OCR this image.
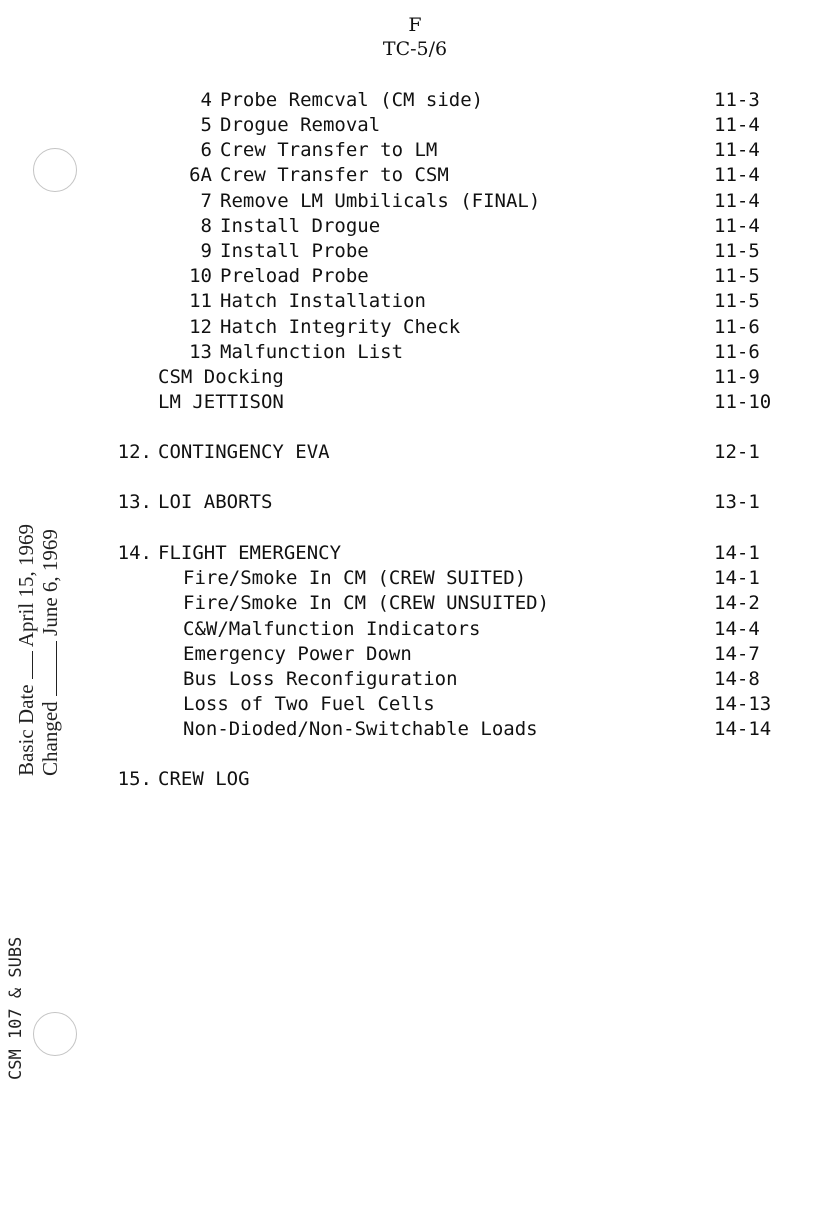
F
TC-5/6
4 Probe Remcval (CM side)	11-3
5 Drogue Removal	11-4
6 Crew Transfer to LM	11-4
6A Crew Transfer to CSM	11-4
7 Remove LM Umbilicals (FINAL)	11-4
8 Install Drogue	11-4
9 Install Probe	11-5
10 Preload Probe	11-5
11 Hatch Installation	11-5
12 Hatch Integrity Check	11-6
13 Malfunction List	11-6
CSM Docking	11-9
LM JETTISON	11-10
12. CONTINGENCY EVA	12-1
13. LOI ABORTS	13-1
14. FLIGHT EMERGENCY	14-1
Fire/Smoke In CM (CREW SUITED)	14-1
Fire/Smoke In CM (CREW UNSUITED)	14-2
C&W/Malfunction Indicators	14-4
Emergency Power Down	14-7
Bus Loss Reconfiguration	14-8
Loss of Two Fuel Cells	14-13
Non-Dioded/Non-Switchable Loads	14-14
15. CREW LOG
Basic Date  April 15, 1969
Changed  June 6, 1969
CSM 107 & SUBS
